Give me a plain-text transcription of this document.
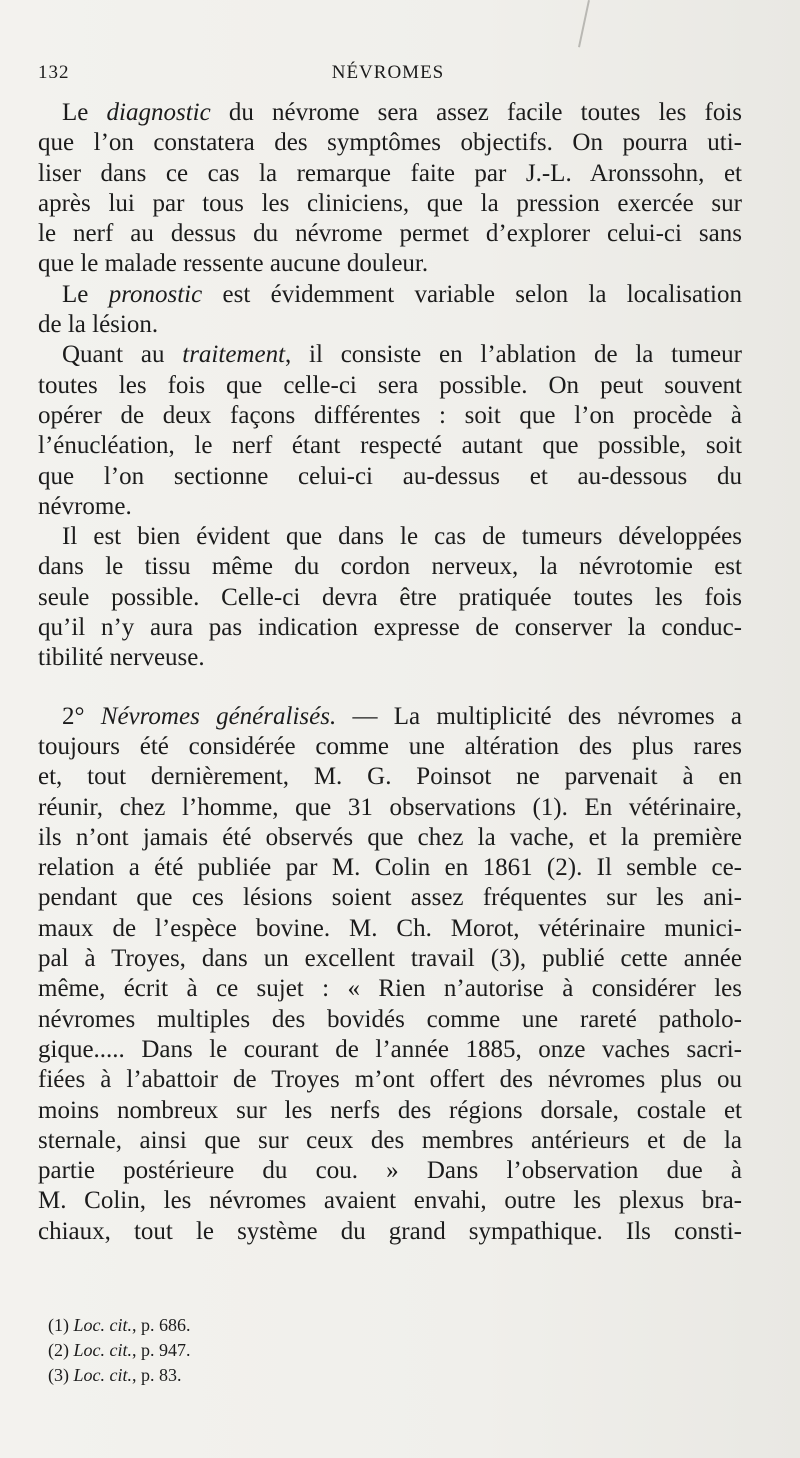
132	NÉVROMES
Le diagnostic du névrome sera assez facile toutes les fois
que l’on constatera des symptômes objectifs. On pourra uti-
liser dans ce cas la remarque faite par J.-L. Aronssohn, et
après lui par tous les cliniciens, que la pression exercée sur
le nerf au dessus du névrome permet d’explorer celui-ci sans
que le malade ressente aucune douleur.
Le pronostic est évidemment variable selon la localisation
de la lésion.
Quant au traitement, il consiste en l’ablation de la tumeur
toutes les fois que celle-ci sera possible. On peut souvent
opérer de deux façons différentes : soit que l’on procède à
l’énucléation, le nerf étant respecté autant que possible, soit
que l’on sectionne celui-ci au-dessus et au-dessous du
névrome.
Il est bien évident que dans le cas de tumeurs développées
dans le tissu même du cordon nerveux, la névrotomie est
seule possible. Celle-ci devra être pratiquée toutes les fois
qu’il n’y aura pas indication expresse de conserver la conduc-
tibilité nerveuse.
2° Névromes généralisés. — La multiplicité des névromes a
toujours été considérée comme une altération des plus rares
et, tout dernièrement, M. G. Poinsot ne parvenait à en
réunir, chez l’homme, que 31 observations (1). En vétérinaire,
ils n’ont jamais été observés que chez la vache, et la première
relation a été publiée par M. Colin en 1861 (2). Il semble ce-
pendant que ces lésions soient assez fréquentes sur les ani-
maux de l’espèce bovine. M. Ch. Morot, vétérinaire munici-
pal à Troyes, dans un excellent travail (3), publié cette année
même, écrit à ce sujet : « Rien n’autorise à considérer les
névromes multiples des bovidés comme une rareté patholo-
gique..... Dans le courant de l’année 1885, onze vaches sacri-
fiées à l’abattoir de Troyes m’ont offert des névromes plus ou
moins nombreux sur les nerfs des régions dorsale, costale et
sternale, ainsi que sur ceux des membres antérieurs et de la
partie postérieure du cou. » Dans l’observation due à
M. Colin, les névromes avaient envahi, outre les plexus bra-
chiaux, tout le système du grand sympathique. Ils consti-
(1) Loc. cit., p. 686.
(2) Loc. cit., p. 947.
(3) Loc. cit., p. 83.
